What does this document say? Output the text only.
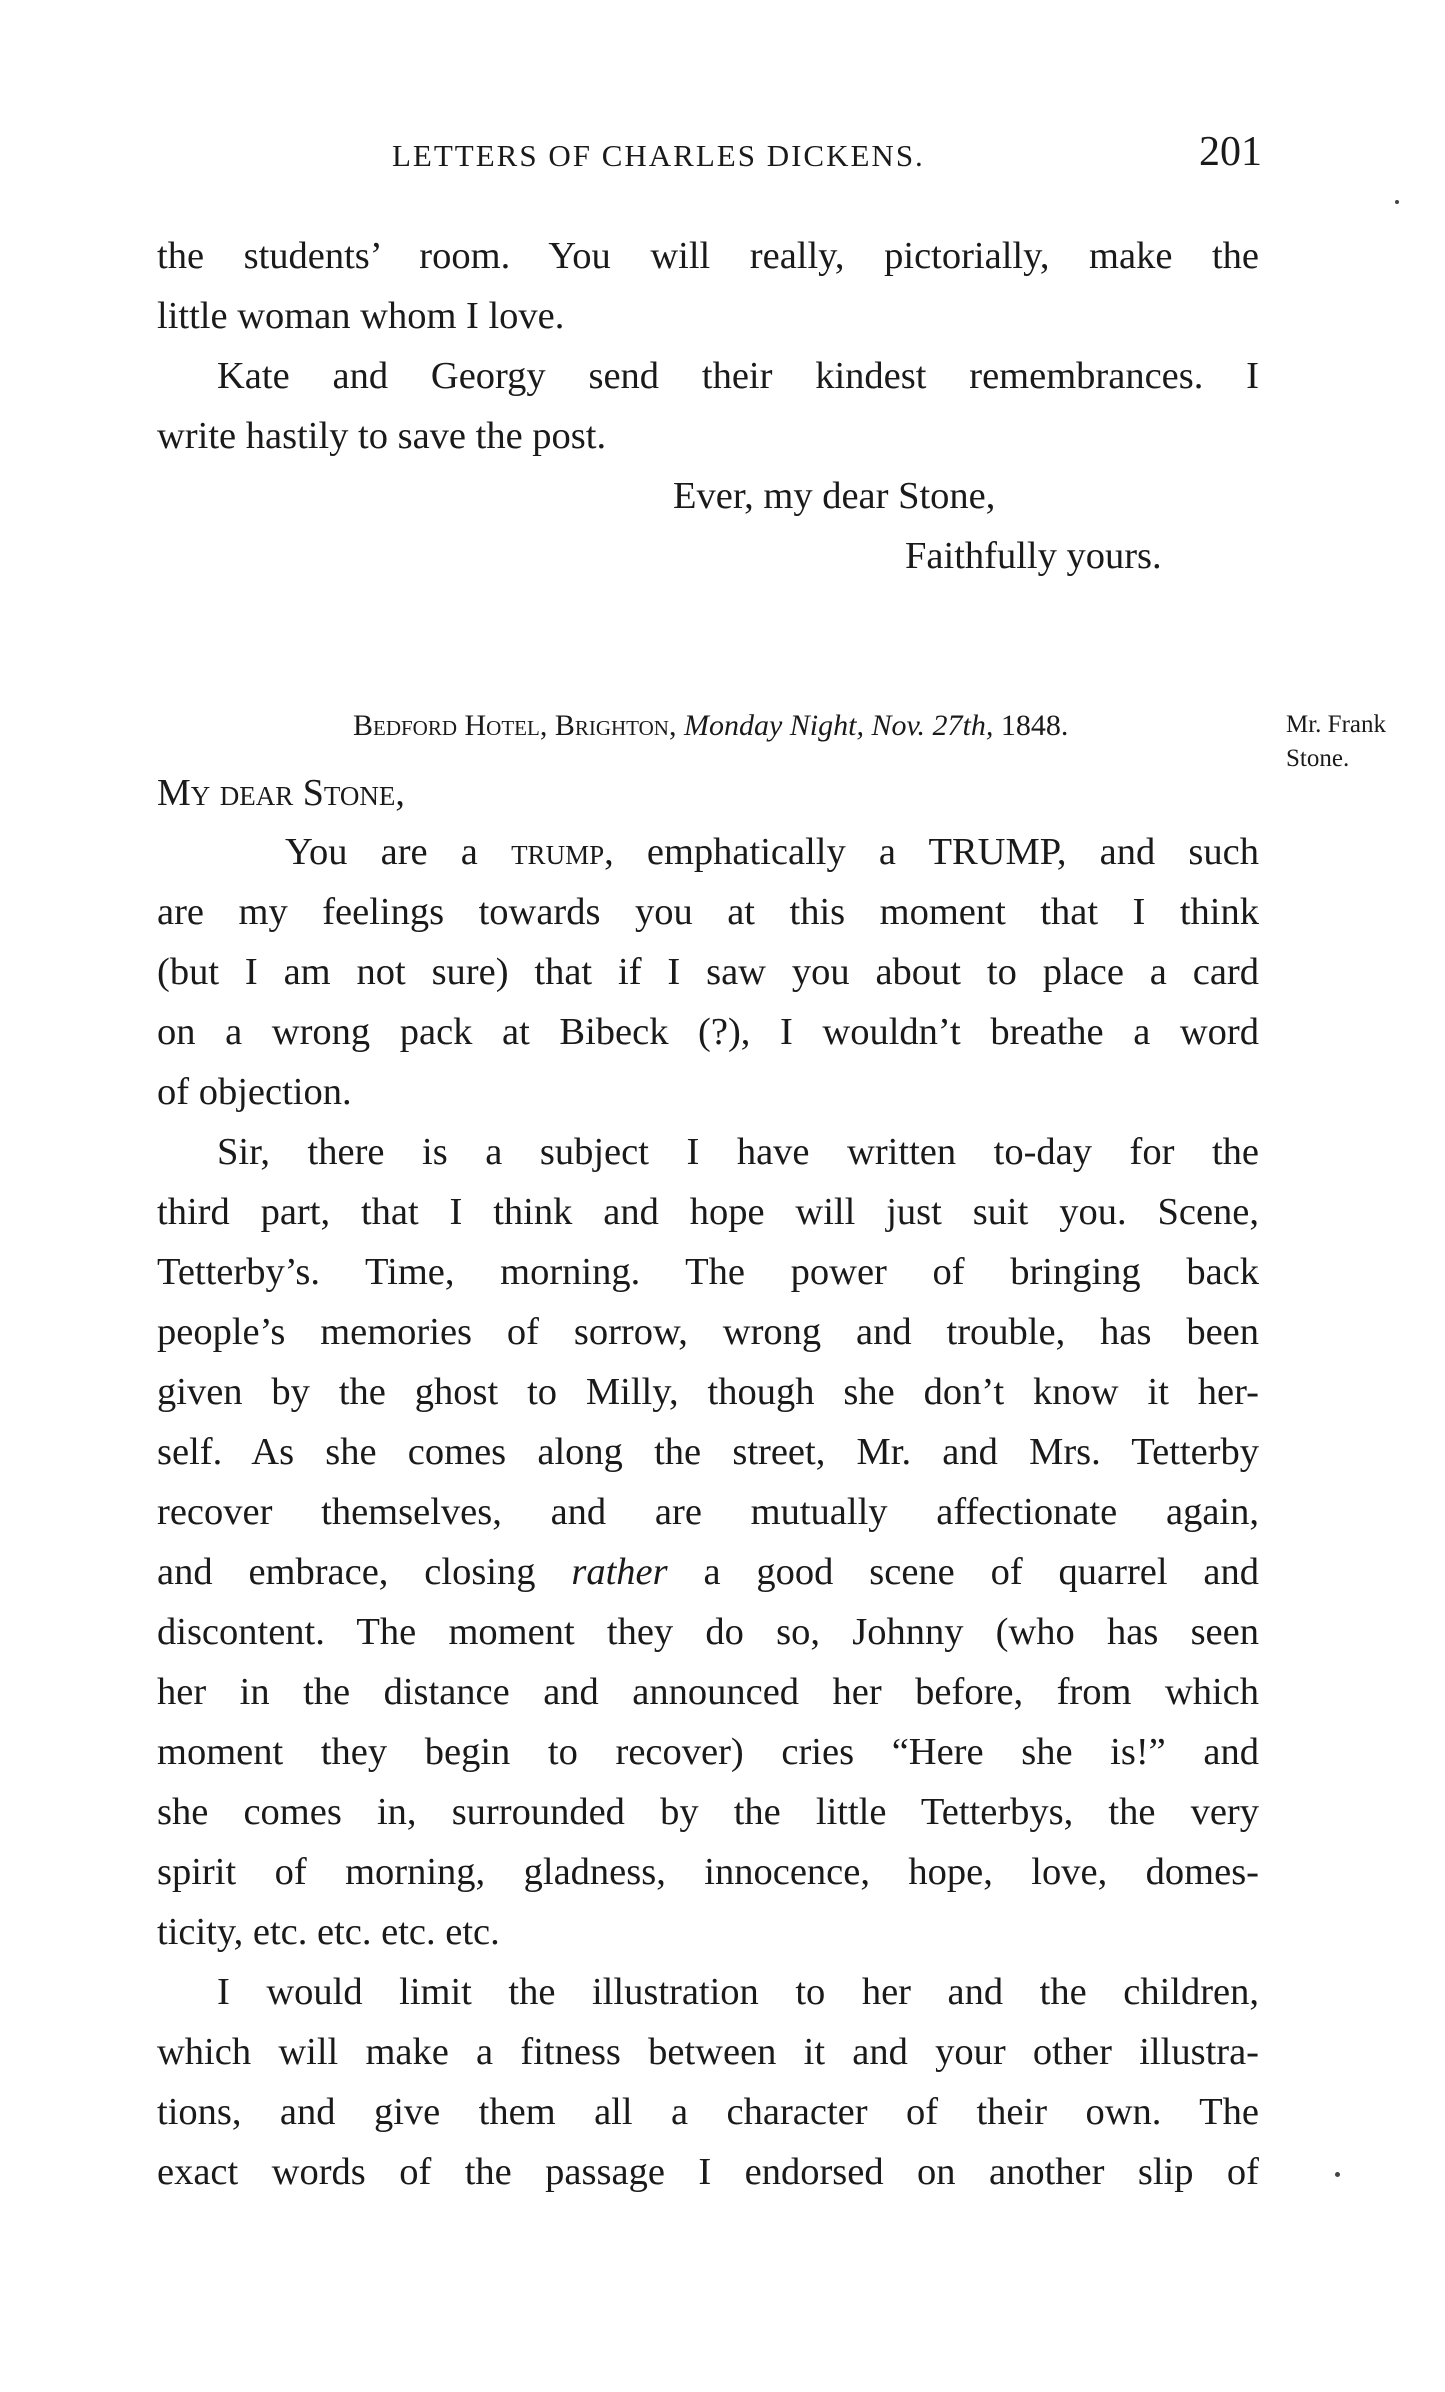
LETTERS OF CHARLES DICKENS.	201
the students’ room. You will really, pictorially, make the
little woman whom I love.
Kate and Georgy send their kindest remembrances. I
write hastily to save the post.
Ever, my dear Stone,
Faithfully yours.
Bedford Hotel, Brighton, Monday Night, Nov. 27th, 1848.	Mr. Frank
Stone.
My dear Stone,
You are a trump, emphatically a TRUMP, and such
are my feelings towards you at this moment that I think
(but I am not sure) that if I saw you about to place a card
on a wrong pack at Bibeck (?), I wouldn’t breathe a word
of objection.
Sir, there is a subject I have written to-day for the
third part, that I think and hope will just suit you. Scene,
Tetterby’s. Time, morning. The power of bringing back
people’s memories of sorrow, wrong and trouble, has been
given by the ghost to Milly, though she don’t know it her-
self. As she comes along the street, Mr. and Mrs. Tetterby
recover themselves, and are mutually affectionate again,
and embrace, closing rather a good scene of quarrel and
discontent. The moment they do so, Johnny (who has seen
her in the distance and announced her before, from which
moment they begin to recover) cries “Here she is!” and
she comes in, surrounded by the little Tetterbys, the very
spirit of morning, gladness, innocence, hope, love, domes-
ticity, etc. etc. etc. etc.
I would limit the illustration to her and the children,
which will make a fitness between it and your other illustra-
tions, and give them all a character of their own. The
exact words of the passage I endorsed on another slip of
